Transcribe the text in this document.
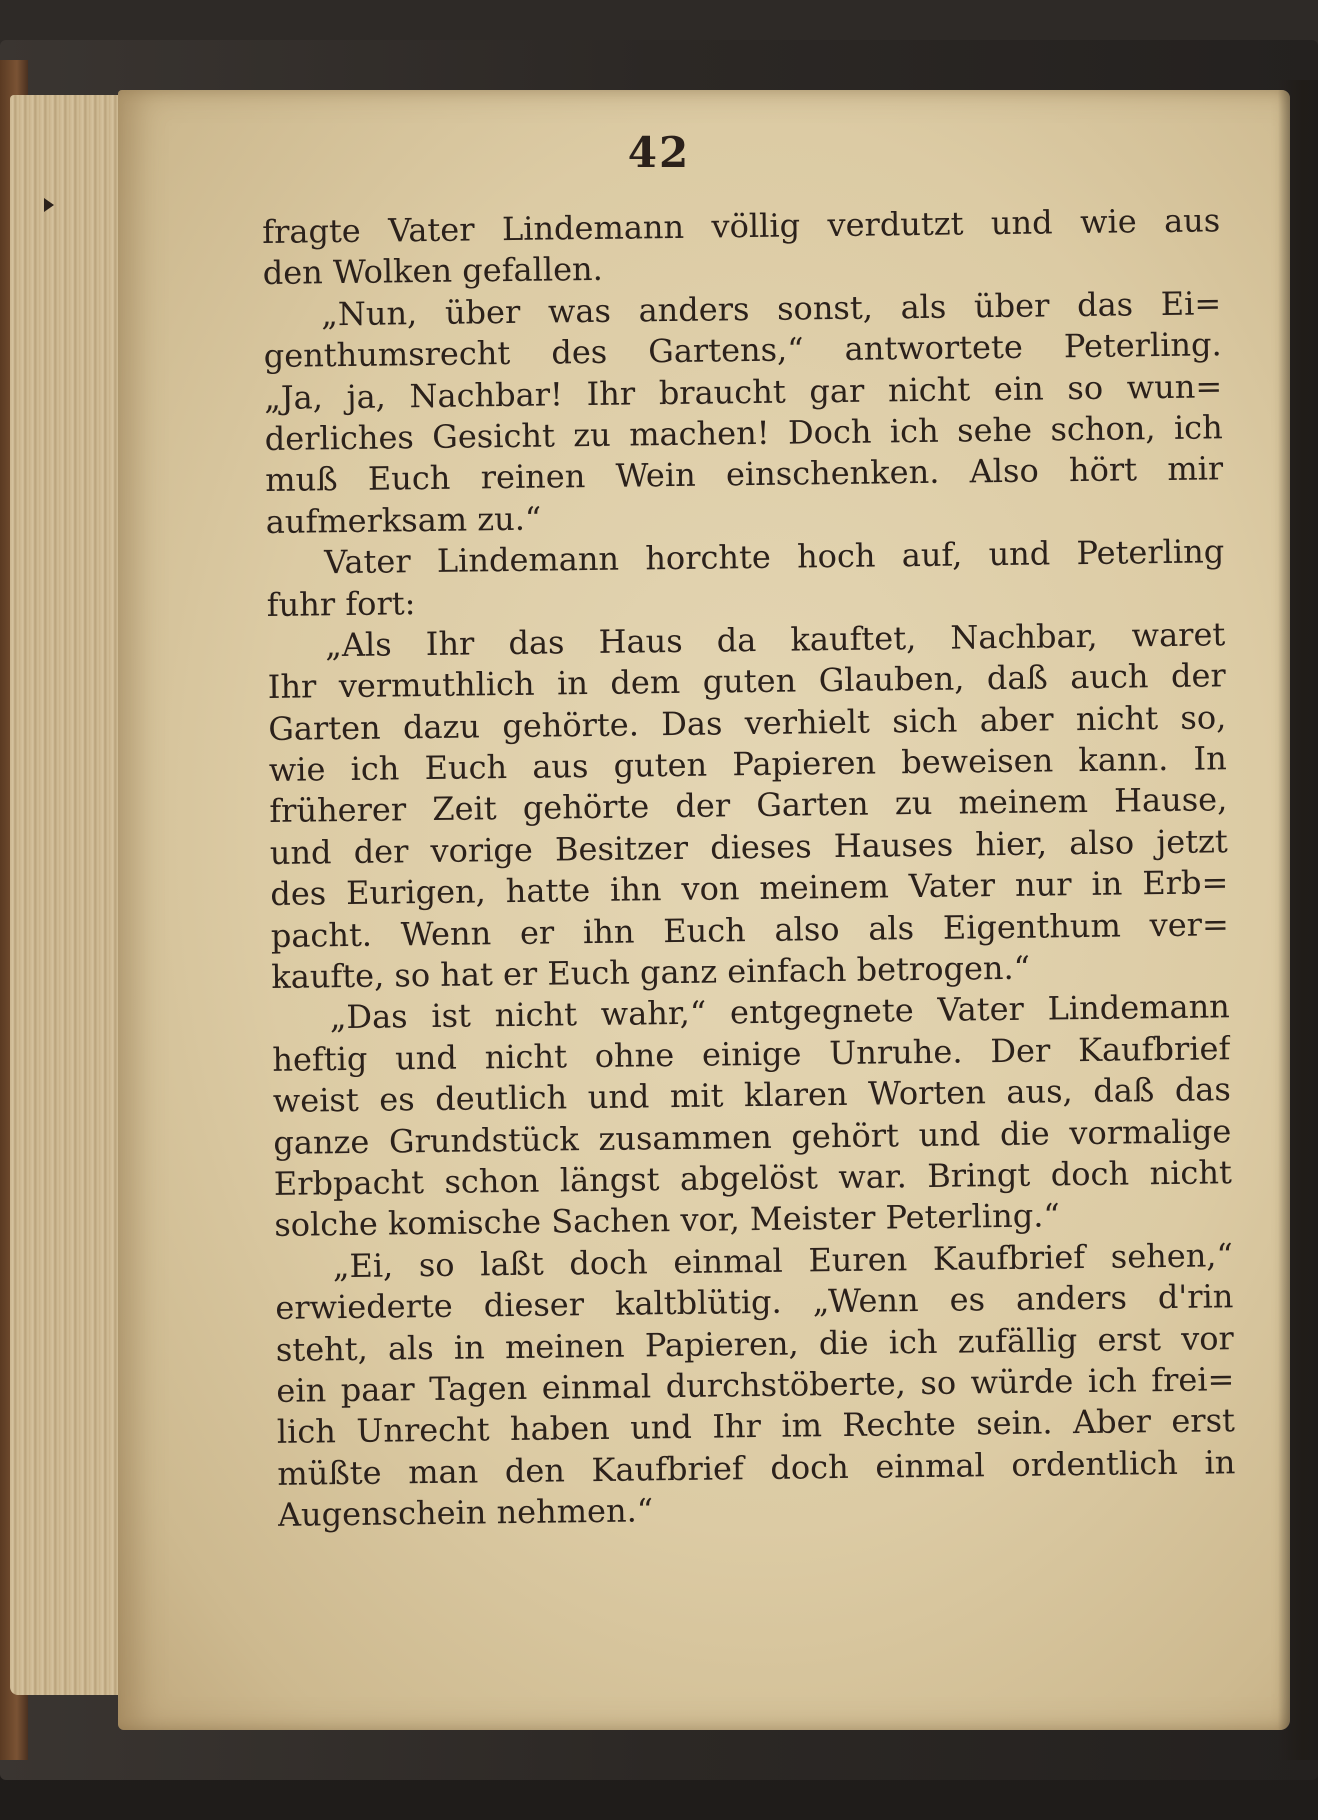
42
fragte Vater Lindemann völlig verdutzt und wie aus
den Wolken gefallen.
„Nun, über was anders sonst, als über das Ei=
genthumsrecht des Gartens,“ antwortete Peterling.
„Ja, ja, Nachbar! Ihr braucht gar nicht ein so wun=
derliches Gesicht zu machen! Doch ich sehe schon, ich
muß Euch reinen Wein einschenken. Also hört mir
aufmerksam zu.“
Vater Lindemann horchte hoch auf, und Peterling
fuhr fort:
„Als Ihr das Haus da kauftet, Nachbar, waret
Ihr vermuthlich in dem guten Glauben, daß auch der
Garten dazu gehörte. Das verhielt sich aber nicht so,
wie ich Euch aus guten Papieren beweisen kann. In
früherer Zeit gehörte der Garten zu meinem Hause,
und der vorige Besitzer dieses Hauses hier, also jetzt
des Eurigen, hatte ihn von meinem Vater nur in Erb=
pacht. Wenn er ihn Euch also als Eigenthum ver=
kaufte, so hat er Euch ganz einfach betrogen.“
„Das ist nicht wahr,“ entgegnete Vater Lindemann
heftig und nicht ohne einige Unruhe. Der Kaufbrief
weist es deutlich und mit klaren Worten aus, daß das
ganze Grundstück zusammen gehört und die vormalige
Erbpacht schon längst abgelöst war. Bringt doch nicht
solche komische Sachen vor, Meister Peterling.“
„Ei, so laßt doch einmal Euren Kaufbrief sehen,“
erwiederte dieser kaltblütig. „Wenn es anders d'rin
steht, als in meinen Papieren, die ich zufällig erst vor
ein paar Tagen einmal durchstöberte, so würde ich frei=
lich Unrecht haben und Ihr im Rechte sein. Aber erst
müßte man den Kaufbrief doch einmal ordentlich in
Augenschein nehmen.“
